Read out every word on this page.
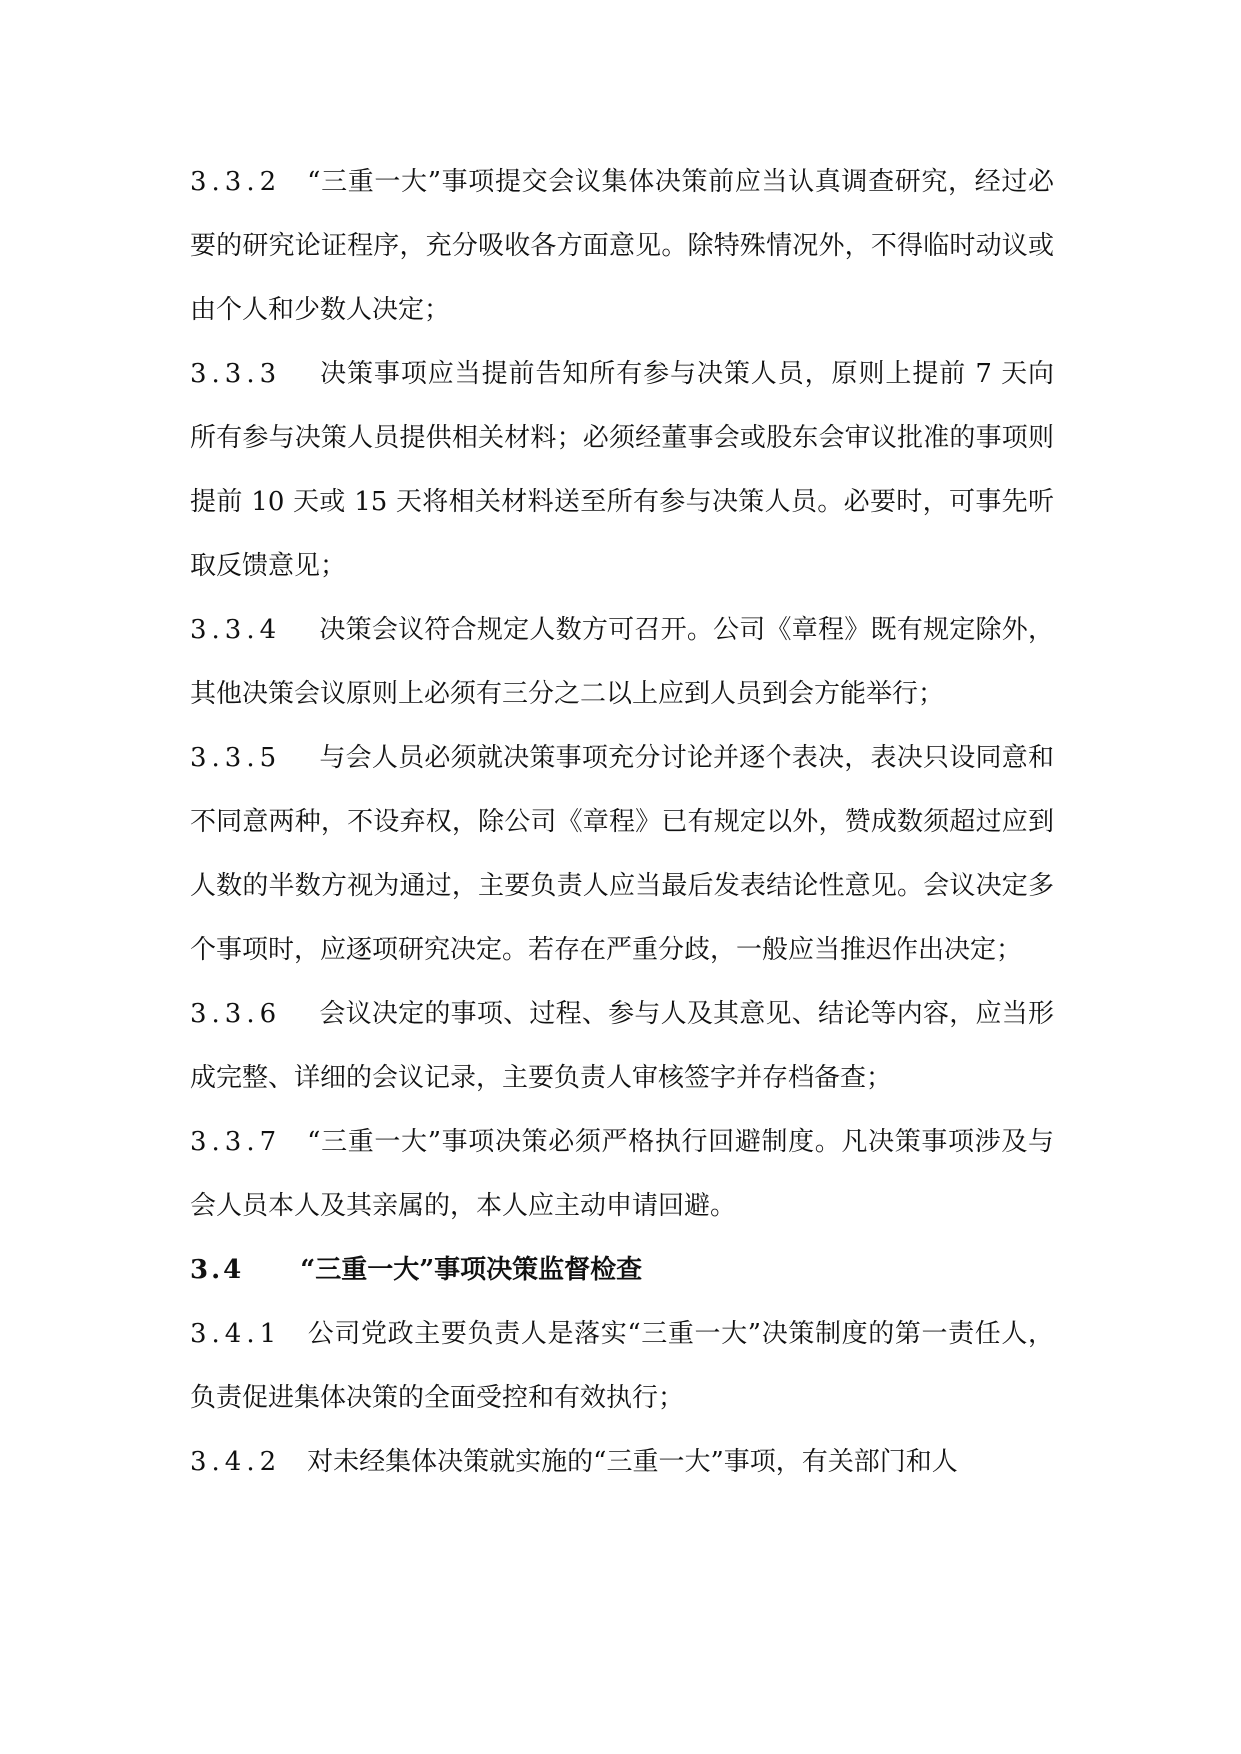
3.3.2 “三重一大”事项提交会议集体决策前应当认真调查研究，经过必要的研究论证程序，充分吸收各方面意见。除特殊情况外，不得临时动议或由个人和少数人决定；

3.3.3 决策事项应当提前告知所有参与决策人员，原则上提前 7 天向所有参与决策人员提供相关材料；必须经董事会或股东会审议批准的事项则提前 10 天或 15 天将相关材料送至所有参与决策人员。必要时，可事先听取反馈意见；

3.3.4 决策会议符合规定人数方可召开。公司《章程》既有规定除外，其他决策会议原则上必须有三分之二以上应到人员到会方能举行；

3.3.5 与会人员必须就决策事项充分讨论并逐个表决，表决只设同意和不同意两种，不设弃权，除公司《章程》已有规定以外，赞成数须超过应到人数的半数方视为通过，主要负责人应当最后发表结论性意见。会议决定多个事项时，应逐项研究决定。若存在严重分歧，一般应当推迟作出决定；

3.3.6 会议决定的事项、过程、参与人及其意见、结论等内容，应当形成完整、详细的会议记录，主要负责人审核签字并存档备查；

3.3.7 “三重一大”事项决策必须严格执行回避制度。凡决策事项涉及与会人员本人及其亲属的，本人应主动申请回避。

3.4 “三重一大”事项决策监督检查

3.4.1 公司党政主要负责人是落实“三重一大”决策制度的第一责任人，负责促进集体决策的全面受控和有效执行；

3.4.2 对未经集体决策就实施的“三重一大”事项，有关部门和人
